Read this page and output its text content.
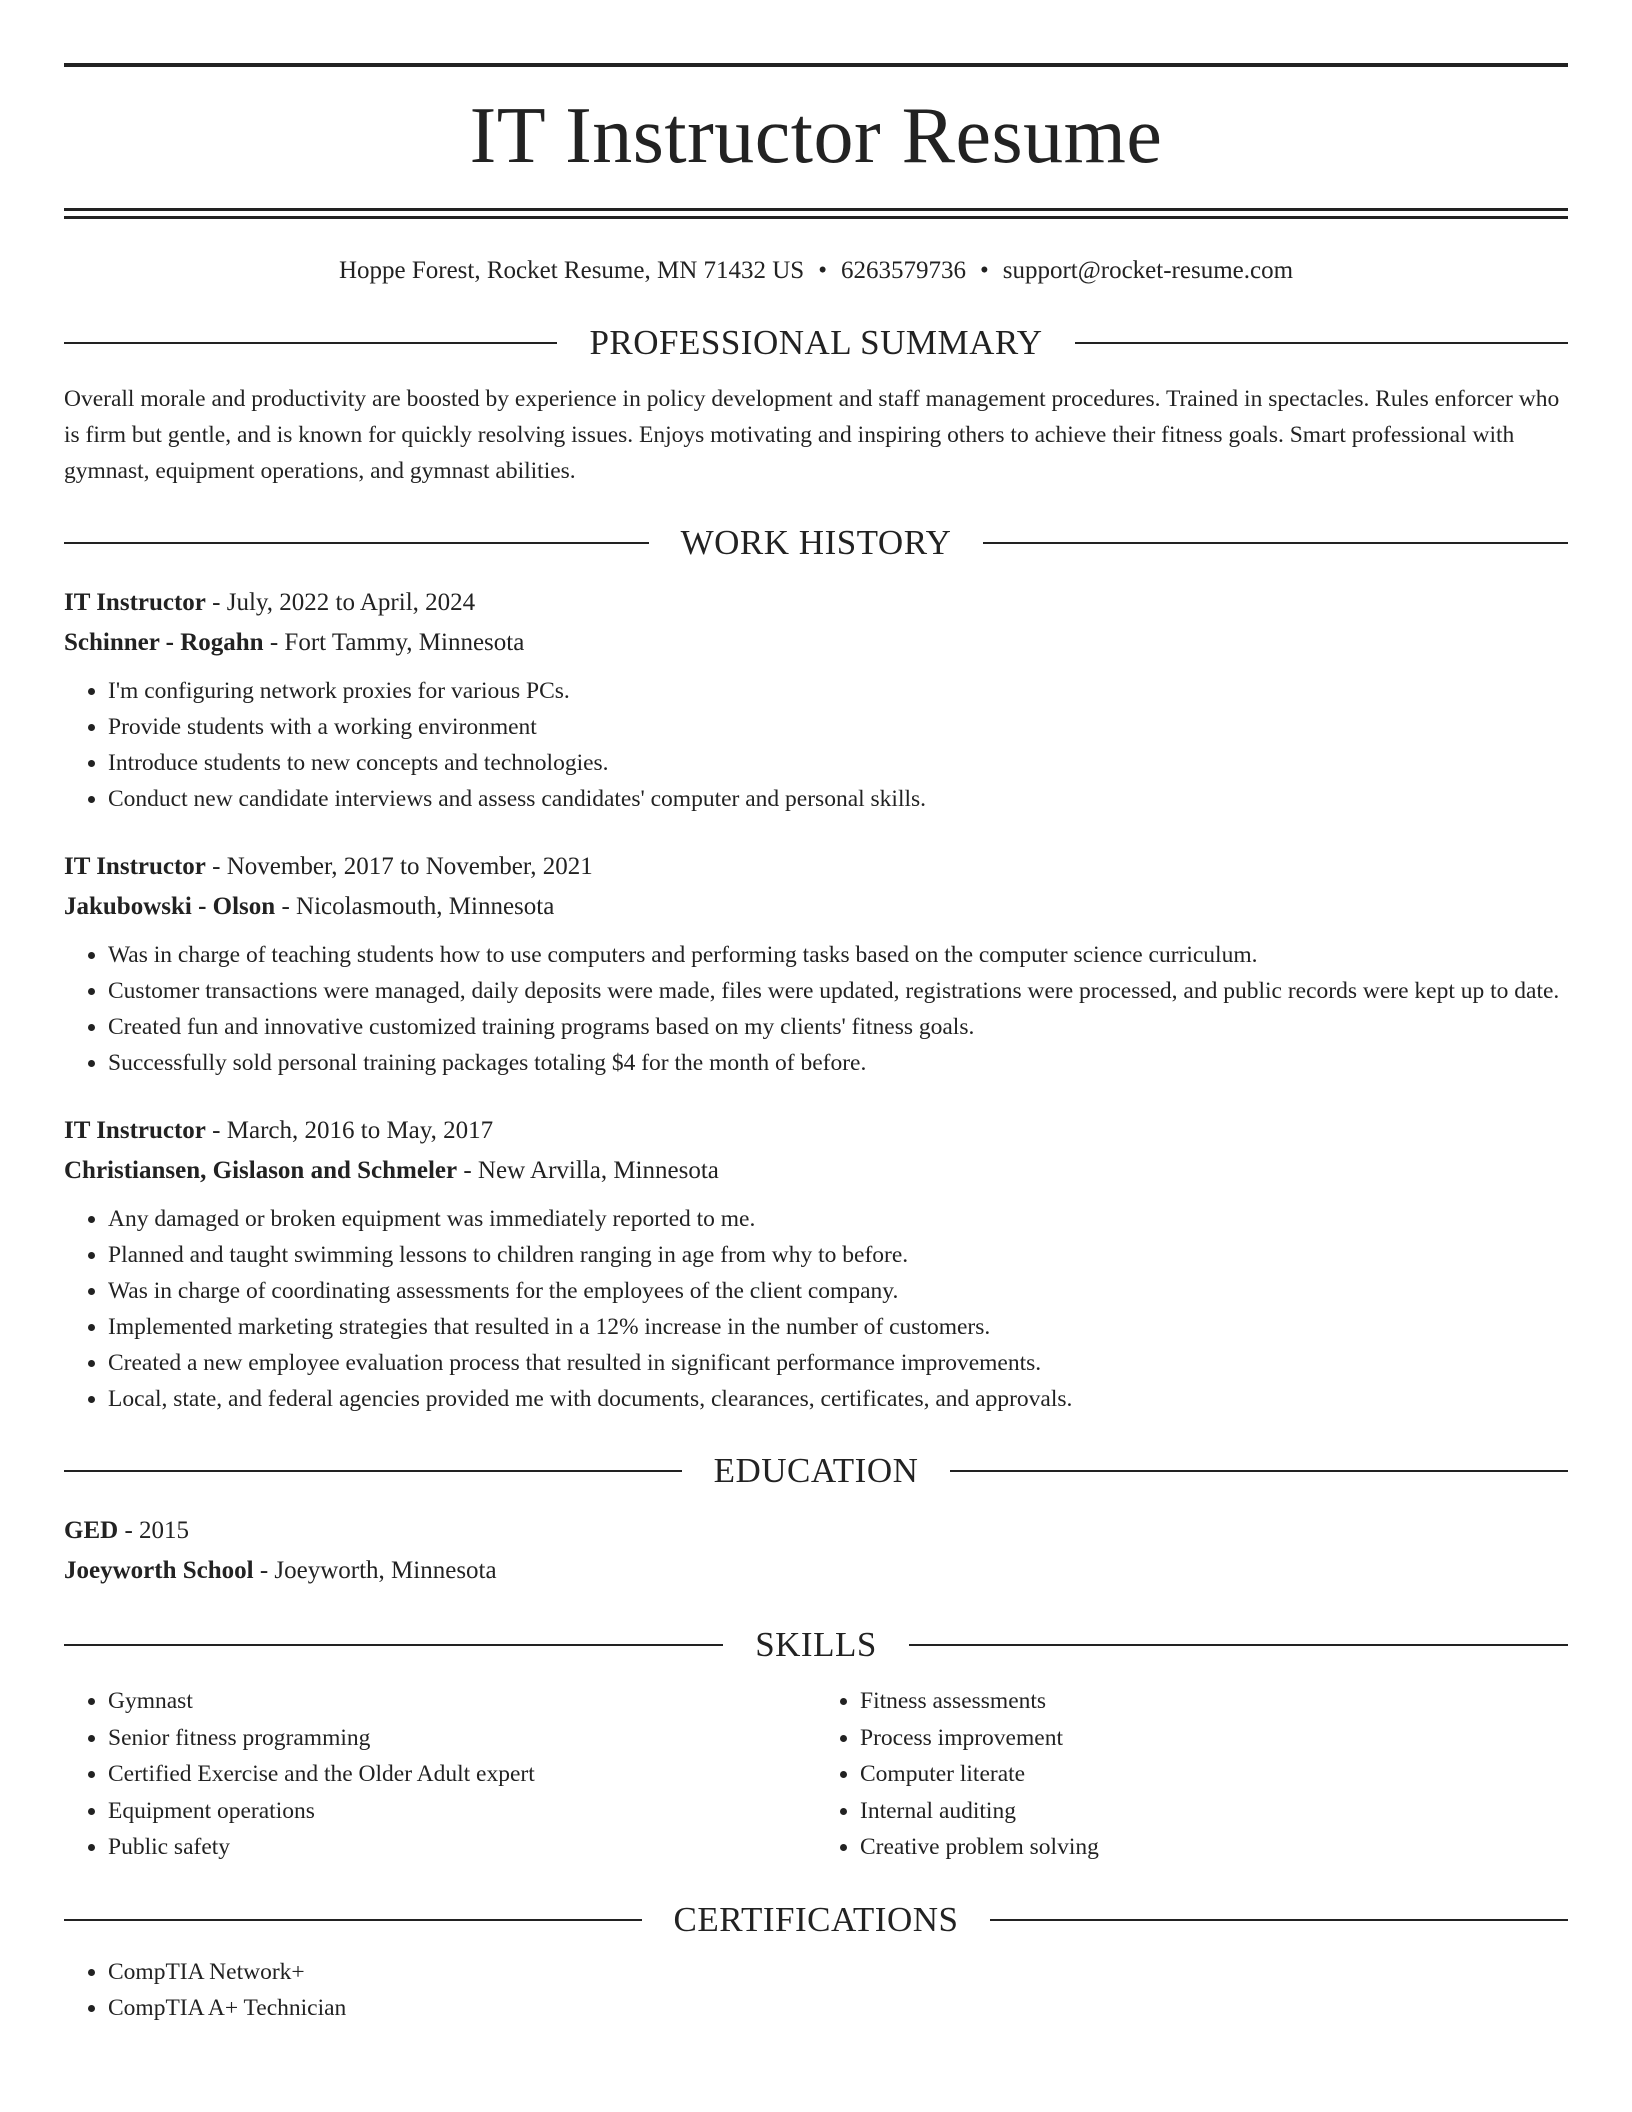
IT Instructor Resume
Hoppe Forest, Rocket Resume, MN 71432 US • 6263579736 • support@rocket-resume.com
PROFESSIONAL SUMMARY
Overall morale and productivity are boosted by experience in policy development and staff management procedures. Trained in spectacles. Rules enforcer who is firm but gentle, and is known for quickly resolving issues. Enjoys motivating and inspiring others to achieve their fitness goals. Smart professional with gymnast, equipment operations, and gymnast abilities.
WORK HISTORY
IT Instructor - July, 2022 to April, 2024
Schinner - Rogahn - Fort Tammy, Minnesota
• I'm configuring network proxies for various PCs.
• Provide students with a working environment
• Introduce students to new concepts and technologies.
• Conduct new candidate interviews and assess candidates' computer and personal skills.
IT Instructor - November, 2017 to November, 2021
Jakubowski - Olson - Nicolasmouth, Minnesota
• Was in charge of teaching students how to use computers and performing tasks based on the computer science curriculum.
• Customer transactions were managed, daily deposits were made, files were updated, registrations were processed, and public records were kept up to date.
• Created fun and innovative customized training programs based on my clients' fitness goals.
• Successfully sold personal training packages totaling $4 for the month of before.
IT Instructor - March, 2016 to May, 2017
Christiansen, Gislason and Schmeler - New Arvilla, Minnesota
• Any damaged or broken equipment was immediately reported to me.
• Planned and taught swimming lessons to children ranging in age from why to before.
• Was in charge of coordinating assessments for the employees of the client company.
• Implemented marketing strategies that resulted in a 12% increase in the number of customers.
• Created a new employee evaluation process that resulted in significant performance improvements.
• Local, state, and federal agencies provided me with documents, clearances, certificates, and approvals.
EDUCATION
GED - 2015
Joeyworth School - Joeyworth, Minnesota
SKILLS
• Gymnast
• Senior fitness programming
• Certified Exercise and the Older Adult expert
• Equipment operations
• Public safety
• Fitness assessments
• Process improvement
• Computer literate
• Internal auditing
• Creative problem solving
CERTIFICATIONS
• CompTIA Network+
• CompTIA A+ Technician
